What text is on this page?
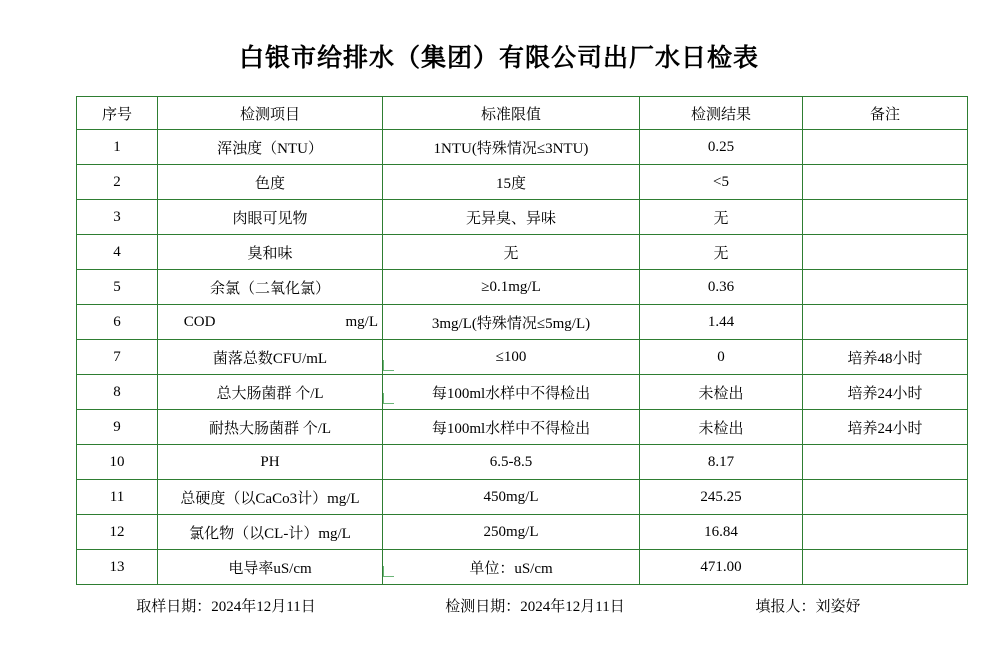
白银市给排水（集团）有限公司出厂水日检表
序号	检测项目	标准限值	检测结果	备注
1	浑浊度（NTU）	1NTU(特殊情况≤3NTU)	0.25	
2	色度	15度	<5	
3	肉眼可见物	无异臭、异味	无	
4	臭和味	无	无	
5	余氯（二氧化氯）	≥0.1mg/L	0.36	
6	COD mg/L	3mg/L(特殊情况≤5mg/L)	1.44	
7	菌落总数CFU/mL	≤100	0	培养48小时
8	总大肠菌群 个/L	每100ml水样中不得检出	未检出	培养24小时
9	耐热大肠菌群 个/L	每100ml水样中不得检出	未检出	培养24小时
10	PH	6.5-8.5	8.17	
11	总硬度（以CaCo3计）mg/L	450mg/L	245.25	
12	氯化物（以CL-计）mg/L	250mg/L	16.84	
13	电导率uS/cm	单位：uS/cm	471.00	
取样日期：2024年12月11日	检测日期：2024年12月11日	填报人：刘姿妤
